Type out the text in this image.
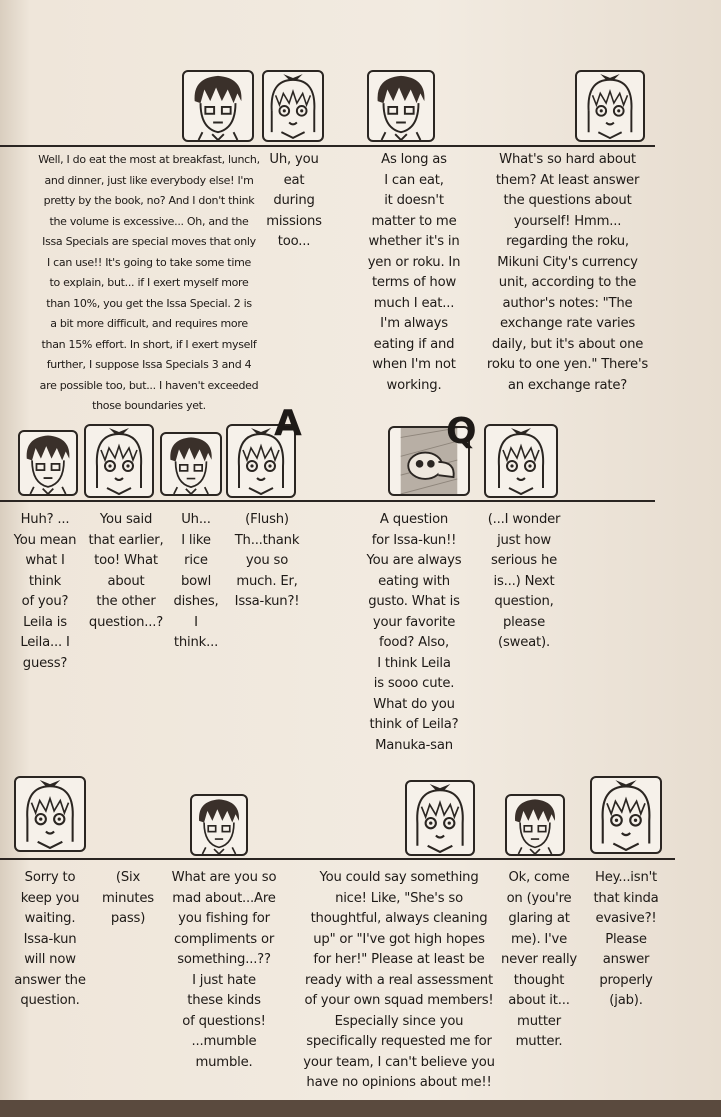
Well, I do eat the most at breakfast, lunch,
and dinner, just like everybody else! I'm
pretty by the book, no? And I don't think
the volume is excessive... Oh, and the
Issa Specials are special moves that only
I can use!! It's going to take some time
to explain, but... if I exert myself more
than 10%, you get the Issa Special. 2 is
a bit more difficult, and requires more
than 15% effort. In short, if I exert myself
further, I suppose Issa Specials 3 and 4
are possible too, but... I haven't exceeded
those boundaries yet.
Uh, you
eat
during
missions
too...
As long as
I can eat,
it doesn't
matter to me
whether it's in
yen or roku. In
terms of how
much I eat...
I'm always
eating if and
when I'm not
working.
What's so hard about
them? At least answer
the questions about
yourself! Hmm...
regarding the roku,
Mikuni City's currency
unit, according to the
author's notes: "The
exchange rate varies
daily, but it's about one
roku to one yen." There's
an exchange rate?
A	Q
Huh? ...
You mean
what I
think
of you?
Leila is
Leila... I
guess?
You said
that earlier,
too! What
about
the other
question...?
Uh...
I like
rice
bowl
dishes,
I
think...
(Flush)
Th...thank
you so
much. Er,
Issa-kun?!
A question
for Issa-kun!!
You are always
eating with
gusto. What is
your favorite
food? Also,
I think Leila
is sooo cute.
What do you
think of Leila?
Manuka-san
(...I wonder
just how
serious he
is...) Next
question,
please
(sweat).
Sorry to
keep you
waiting.
Issa-kun
will now
answer the
question.
(Six
minutes
pass)
What are you so
mad about...Are
you fishing for
compliments or
something...??
I just hate
these kinds
of questions!
...mumble
mumble.
You could say something
nice! Like, "She's so
thoughtful, always cleaning
up" or "I've got high hopes
for her!" Please at least be
ready with a real assessment
of your own squad members!
Especially since you
specifically requested me for
your team, I can't believe you
have no opinions about me!!
Ok, come
on (you're
glaring at
me). I've
never really
thought
about it...
mutter
mutter.
Hey...isn't
that kinda
evasive?!
Please
answer
properly
(jab).
